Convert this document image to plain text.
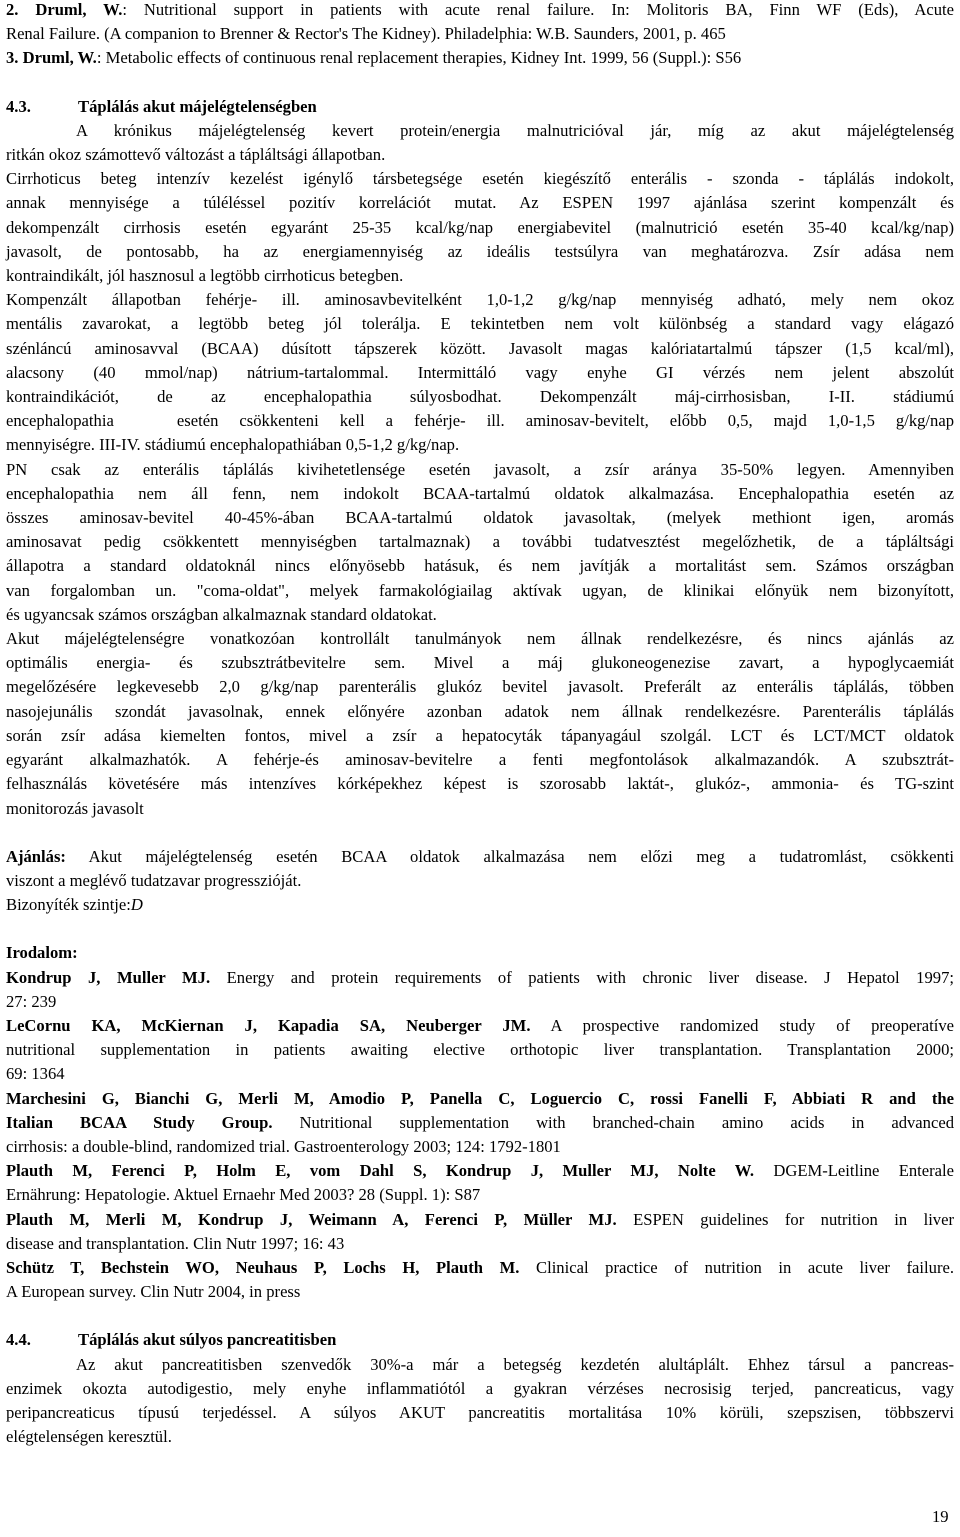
2. Druml, W.: Nutritional support in patients with acute renal failure. In: Molitoris BA, Finn WF (Eds), Acute

Renal Failure. (A companion to Brenner & Rector's The Kidney). Philadelphia: W.B. Saunders, 2001, p. 465

3. Druml, W.: Metabolic effects of continuous renal replacement therapies, Kidney Int. 1999, 56 (Suppl.): S56

4.3.	Táplálás akut májelégtelenségben

A krónikus májelégtelenség kevert protein/energia malnutricióval jár, míg az akut májelégtelenség

ritkán okoz számottevő változást a tápláltsági állapotban.

Cirrhoticus beteg intenzív kezelést igénylő társbetegsége esetén kiegészítő enterális - szonda - táplálás indokolt,

annak mennyisége a túléléssel pozitív korrelációt mutat. Az ESPEN 1997 ajánlása szerint kompenzált és

dekompenzált cirrhosis esetén egyaránt 25-35 kcal/kg/nap energiabevitel (malnutrició esetén 35-40 kcal/kg/nap)

javasolt, de pontosabb, ha az energiamennyiség az ideális testsúlyra van meghatározva. Zsír adása nem

kontraindikált, jól hasznosul a legtöbb cirrhoticus betegben.

Kompenzált állapotban fehérje- ill. aminosavbevitelként 1,0-1,2 g/kg/nap mennyiség adható, mely nem okoz

mentális zavarokat, a legtöbb beteg jól tolerálja. E tekintetben nem volt különbség a standard vagy elágazó

szénláncú aminosavval (BCAA) dúsított tápszerek között. Javasolt magas kalóriatartalmú tápszer (1,5 kcal/ml),

alacsony (40 mmol/nap) nátrium-tartalommal. Intermittáló vagy enyhe GI vérzés nem jelent abszolút

kontraindikációt, de az encephalopathia súlyosbodhat. Dekompenzált máj-cirrhosisban, I-II. stádiumú

encephalopathia   esetén csökkenteni kell a fehérje- ill. aminosav-bevitelt, előbb 0,5, majd 1,0-1,5 g/kg/nap

mennyiségre. III-IV. stádiumú encephalopathiában 0,5-1,2 g/kg/nap.

PN csak az enterális táplálás kivihetetlensége esetén javasolt, a zsír aránya 35-50% legyen. Amennyiben

encephalopathia nem áll fenn, nem indokolt BCAA-tartalmú oldatok alkalmazása. Encephalopathia esetén az

összes aminosav-bevitel 40-45%-ában BCAA-tartalmú oldatok javasoltak, (melyek methiont igen, aromás

aminosavat pedig csökkentett mennyiségben tartalmaznak) a további tudatvesztést megelőzhetik, de a tápláltsági

állapotra a standard oldatoknál nincs előnyösebb hatásuk, és nem javítják a mortalitást sem. Számos országban

van forgalomban un. "coma-oldat", melyek farmakológiailag aktívak ugyan, de klinikai előnyük nem bizonyított,

és ugyancsak számos országban alkalmaznak standard oldatokat.

Akut májelégtelenségre vonatkozóan kontrollált tanulmányok nem állnak rendelkezésre, és nincs ajánlás az

optimális energia- és szubsztrátbevitelre sem. Mivel a máj glukoneogenezise zavart, a hypoglycaemiát

megelőzésére legkevesebb 2,0 g/kg/nap parenterális glukóz bevitel javasolt. Preferált az enterális táplálás, többen

nasojejunális szondát javasolnak, ennek előnyére azonban adatok nem állnak rendelkezésre. Parenterális táplálás

során zsír adása kiemelten fontos, mivel a zsír a hepatocyták tápanyagául szolgál. LCT és LCT/MCT oldatok

egyaránt alkalmazhatók. A fehérje-és aminosav-bevitelre a fenti megfontolások alkalmazandók. A szubsztrát-

felhasználás követésére más intenzíves kórképekhez képest is szorosabb laktát-, glukóz-, ammonia- és TG-szint

monitorozás javasolt

Ajánlás: Akut májelégtelenség esetén BCAA oldatok alkalmazása nem előzi meg a tudatromlást, csökkenti

viszont a meglévő tudatzavar progresszióját.

Bizonyíték szintje:D

Irodalom:

Kondrup J, Muller MJ. Energy and protein requirements of patients with chronic liver disease. J Hepatol 1997;

27: 239

LeCornu KA, McKiernan J, Kapadia SA, Neuberger JM. A prospective randomized study of preoperatíve

nutritional supplementation in patients awaiting elective orthotopic liver transplantation. Transplantation 2000;

69: 1364

Marchesini G, Bianchi G, Merli M, Amodio P, Panella C, Loguercio C, rossi Fanelli F, Abbiati R and the

Italian BCAA Study Group. Nutritional supplementation with branched-chain amino acids in advanced

cirrhosis: a double-blind, randomized trial. Gastroenterology 2003; 124: 1792-1801

Plauth M, Ferenci P, Holm E, vom Dahl S, Kondrup J, Muller MJ, Nolte W. DGEM-Leitline Enterale

Ernährung: Hepatologie. Aktuel Ernaehr Med 2003? 28 (Suppl. 1): S87

Plauth M, Merli M, Kondrup J, Weimann A, Ferenci P, Müller MJ. ESPEN guidelines for nutrition in liver

disease and transplantation. Clin Nutr 1997; 16: 43

Schütz T, Bechstein WO, Neuhaus P, Lochs H, Plauth M. Clinical practice of nutrition in acute liver failure.

A European survey. Clin Nutr 2004, in press

4.4.	Táplálás akut súlyos pancreatitisben

Az akut pancreatitisben szenvedők 30%-a már a betegség kezdetén alultáplált. Ehhez társul a pancreas-

enzimek okozta autodigestio, mely enyhe inflammatiótól a gyakran vérzéses necrosisig terjed, pancreaticus, vagy

peripancreaticus típusú terjedéssel. A súlyos AKUT pancreatitis mortalitása 10% körüli, szepszisen, többszervi

elégtelenségen keresztül.

19
